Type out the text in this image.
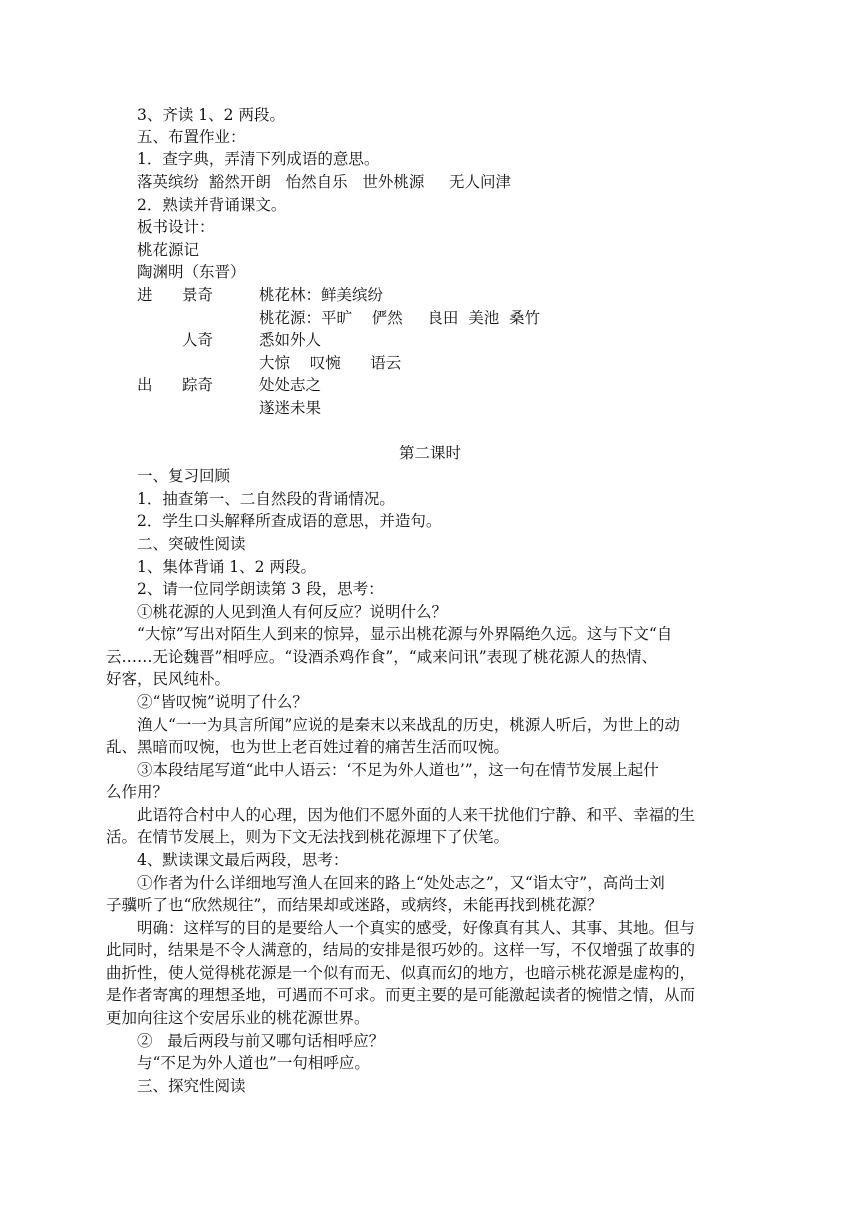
3、齐读 1、2 两段。
五、布置作业：
1．查字典，弄清下列成语的意思。
落英缤纷  豁然开朗   怡然自乐   世外桃源     无人问津
2．熟读并背诵课文。
板书设计：
桃花源记
陶渊明（东晋）
进 景奇	桃花林：鲜美缤纷
桃花源：平旷    俨然     良田  美池  桑竹
人奇	悉如外人
大惊    叹惋      语云
出 踪奇	处处志之
遂迷未果
第二课时
一、复习回顾
1．抽查第一、二自然段的背诵情况。
2．学生口头解释所查成语的意思，并造句。
二、突破性阅读
1、集体背诵 1、2 两段。
2、请一位同学朗读第 3 段，思考：
①桃花源的人见到渔人有何反应？说明什么？
“大惊”写出对陌生人到来的惊异，显示出桃花源与外界隔绝久远。这与下文“自
云……无论魏晋”相呼应。“设酒杀鸡作食”，“咸来问讯”表现了桃花源人的热情、
好客，民风纯朴。
②“皆叹惋”说明了什么？
渔人“一一为具言所闻”应说的是秦末以来战乱的历史，桃源人听后，为世上的动
乱、黑暗而叹惋，也为世上老百姓过着的痛苦生活而叹惋。
③本段结尾写道“此中人语云：‘不足为外人道也’”，这一句在情节发展上起什
么作用？
此语符合村中人的心理，因为他们不愿外面的人来干扰他们宁静、和平、幸福的生
活。在情节发展上，则为下文无法找到桃花源埋下了伏笔。
4、默读课文最后两段，思考：
①作者为什么详细地写渔人在回来的路上“处处志之”，又“诣太守”，高尚士刘
子骥听了也“欣然规往”，而结果却或迷路，或病终，未能再找到桃花源？
明确：这样写的目的是要给人一个真实的感受，好像真有其人、其事、其地。但与
此同时，结果是不令人满意的，结局的安排是很巧妙的。这样一写，不仅增强了故事的
曲折性，使人觉得桃花源是一个似有而无、似真而幻的地方，也暗示桃花源是虚构的，
是作者寄寓的理想圣地，可遇而不可求。而更主要的是可能激起读者的惋惜之情，从而
更加向往这个安居乐业的桃花源世界。
②   最后两段与前又哪句话相呼应？
与“不足为外人道也”一句相呼应。
三、探究性阅读
